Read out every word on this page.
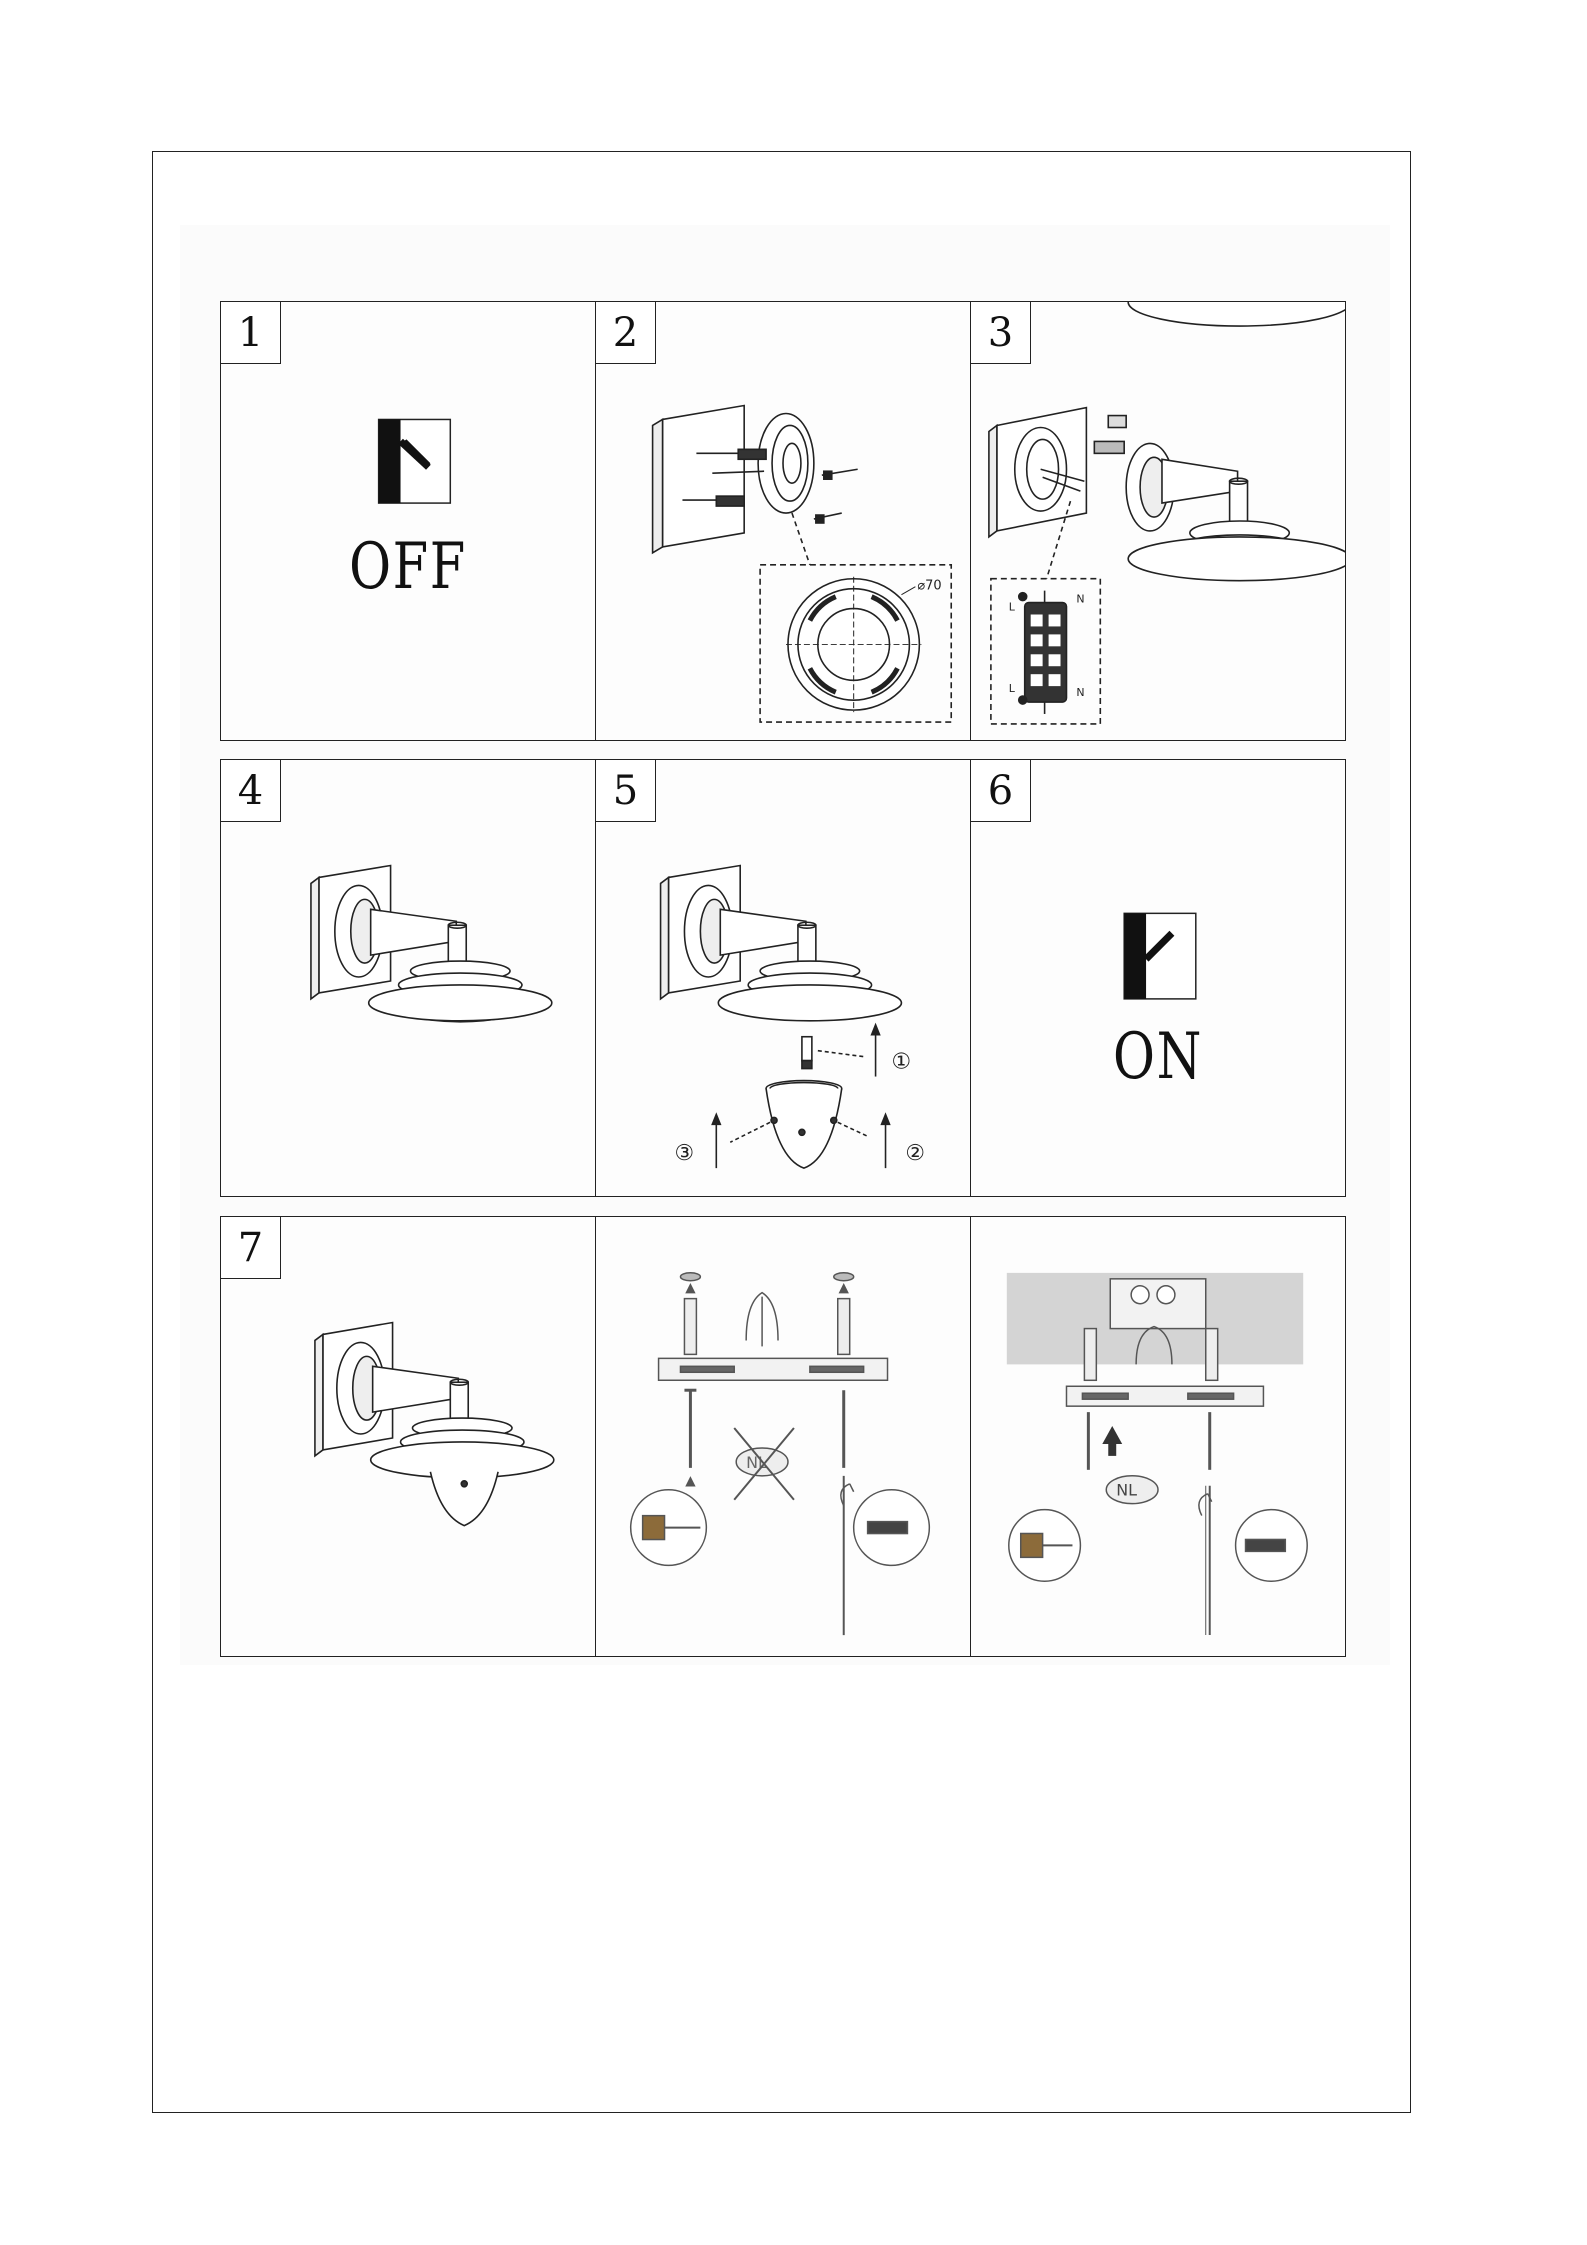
1
OFF
2
⌀70
3
L
N
L	N
4	5
①
③	②
6
ON
7
NL
NL
